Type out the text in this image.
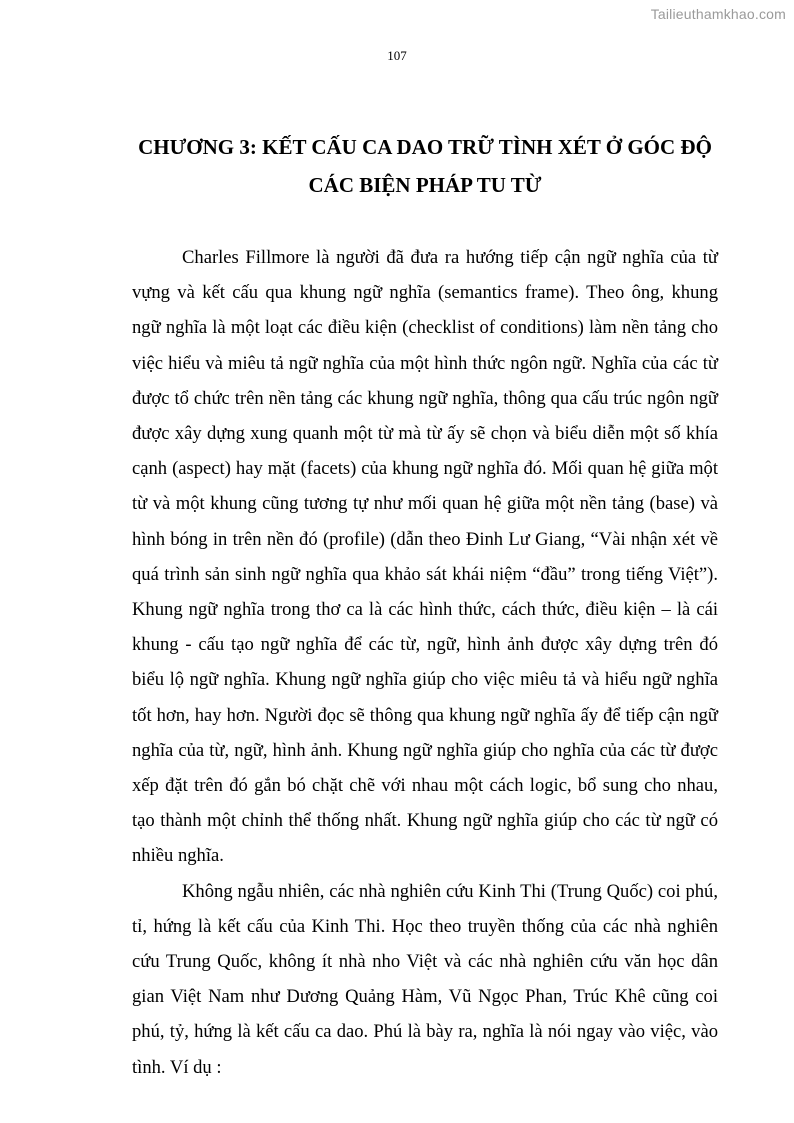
Tailieuthamkhao.com
107
CHƯƠNG 3: KẾT CẤU CA DAO TRỮ TÌNH XÉT Ở GÓC ĐỘ
CÁC BIỆN PHÁP TU TỪ

Charles Fillmore là người đã đưa ra hướng tiếp cận ngữ nghĩa của từ vựng và kết cấu qua khung ngữ nghĩa (semantics frame). Theo ông, khung ngữ nghĩa là một loạt các điều kiện (checklist of conditions) làm nền tảng cho việc hiểu và miêu tả ngữ nghĩa của một hình thức ngôn ngữ. Nghĩa của các từ được tổ chức trên nền tảng các khung ngữ nghĩa, thông qua cấu trúc ngôn ngữ được xây dựng xung quanh một từ mà từ ấy sẽ chọn và biểu diễn một số khía cạnh (aspect) hay mặt (facets) của khung ngữ nghĩa đó. Mối quan hệ giữa một từ và một khung cũng tương tự như mối quan hệ giữa một nền tảng (base) và hình bóng in trên nền đó (profile) (dẫn theo Đinh Lư Giang, “Vài nhận xét về quá trình sản sinh ngữ nghĩa qua khảo sát khái niệm “đầu” trong tiếng Việt”). Khung ngữ nghĩa trong thơ ca là các hình thức, cách thức, điều kiện – là cái khung - cấu tạo ngữ nghĩa để các từ, ngữ, hình ảnh được xây dựng trên đó biểu lộ ngữ nghĩa. Khung ngữ nghĩa giúp cho việc miêu tả và hiểu ngữ nghĩa tốt hơn, hay hơn. Người đọc sẽ thông qua khung ngữ nghĩa ấy để tiếp cận ngữ nghĩa của từ, ngữ, hình ảnh. Khung ngữ nghĩa giúp cho nghĩa của các từ được xếp đặt trên đó gắn bó chặt chẽ với nhau một cách logic, bổ sung cho nhau, tạo thành một chỉnh thể thống nhất. Khung ngữ nghĩa giúp cho các từ ngữ có nhiều nghĩa.

Không ngẫu nhiên, các nhà nghiên cứu Kinh Thi (Trung Quốc) coi phú, tỉ, hứng là kết cấu của Kinh Thi. Học theo truyền thống của các nhà nghiên cứu Trung Quốc, không ít nhà nho Việt và các nhà nghiên cứu văn học dân gian Việt Nam như Dương Quảng Hàm, Vũ Ngọc Phan, Trúc Khê cũng coi phú, tỷ, hứng là kết cấu ca dao. Phú là bày ra, nghĩa là nói ngay vào việc, vào tình. Ví dụ :
